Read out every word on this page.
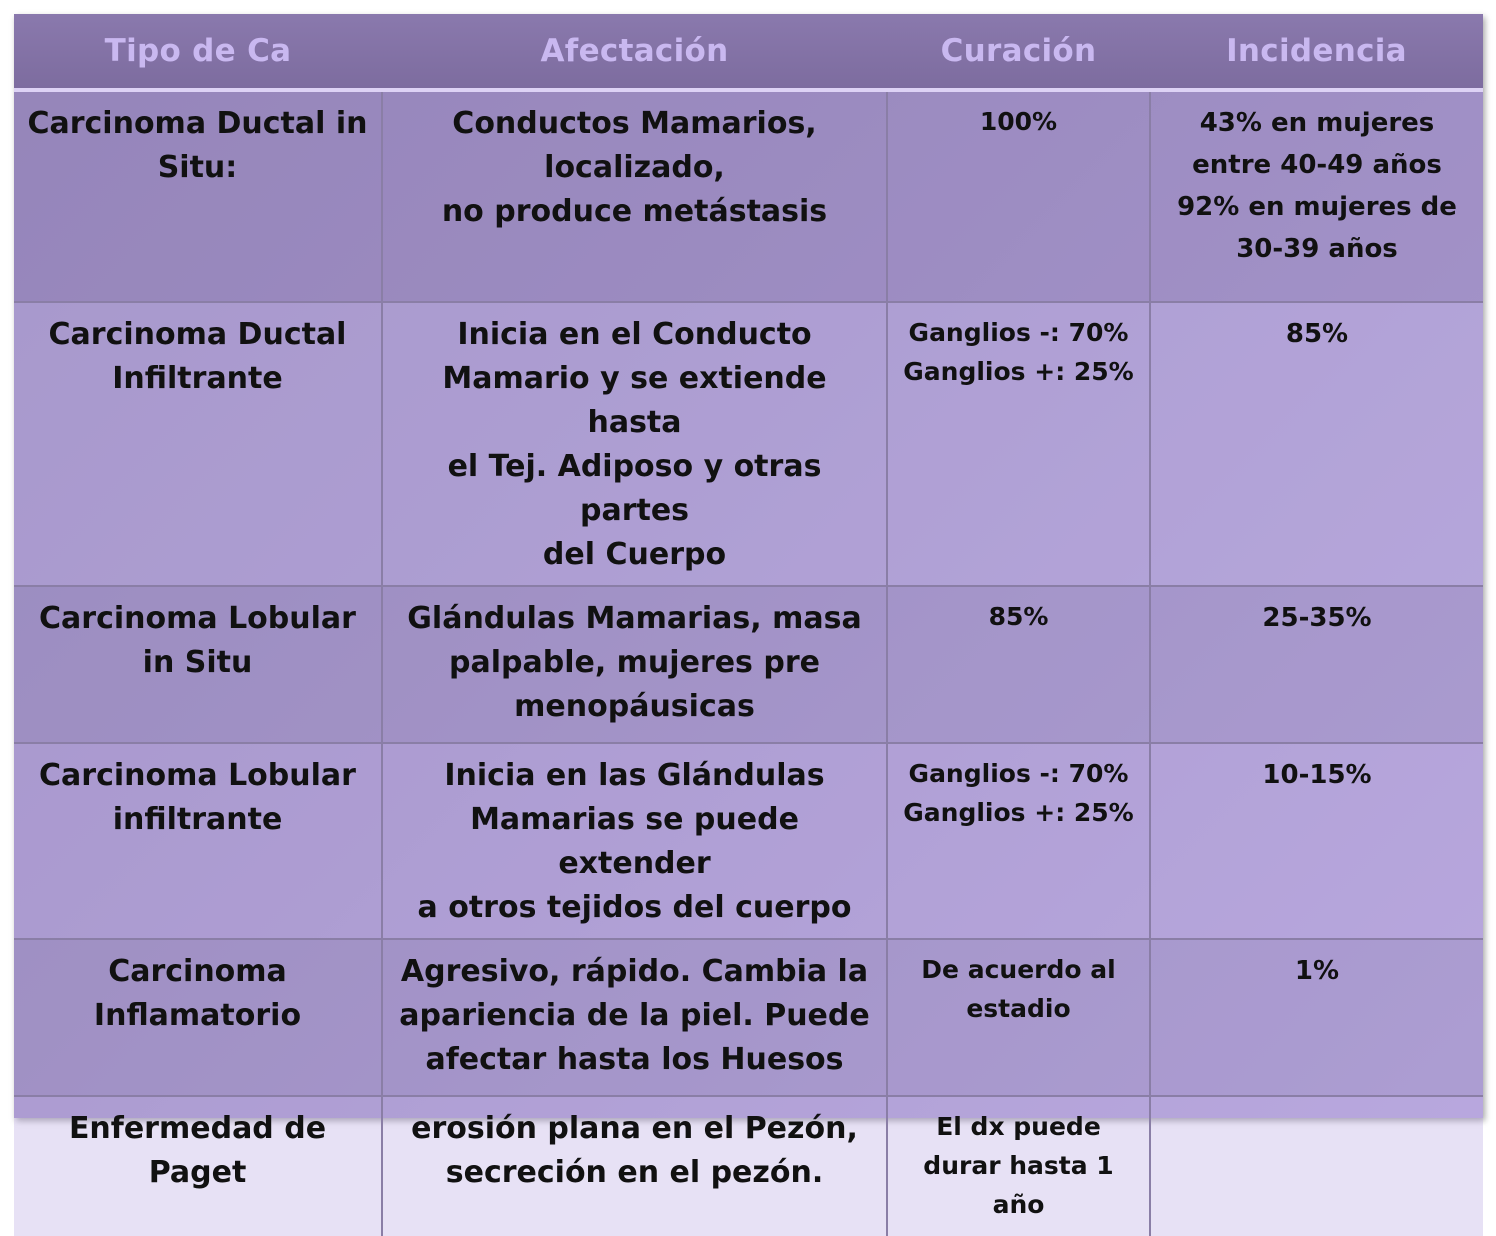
Tipo de Ca	Afectación	Curación	Incidencia

Carcinoma Ductal in
Situ:	Conductos Mamarios,
localizado,
no produce metástasis	100%	43% en mujeres
entre 40-49 años
92% en mujeres de
30-39 años

Carcinoma Ductal
Infiltrante	Inicia en el Conducto
Mamario y se extiende hasta
el Tej. Adiposo y otras partes
del Cuerpo	Ganglios -: 70%
Ganglios +: 25%	85%

Carcinoma Lobular
in Situ	Glándulas Mamarias, masa
palpable, mujeres pre
menopáusicas	85%	25-35%

Carcinoma Lobular
infiltrante	Inicia en las Glándulas
Mamarias se puede extender
a otros tejidos del cuerpo	Ganglios -: 70%
Ganglios +: 25%	10-15%

Carcinoma
Inflamatorio	Agresivo, rápido. Cambia la
apariencia de la piel. Puede
afectar hasta los Huesos	De acuerdo al
estadio	1%

Enfermedad de
Paget	erosión plana en el Pezón,
secreción en el pezón.	El dx puede
durar hasta 1
año	
